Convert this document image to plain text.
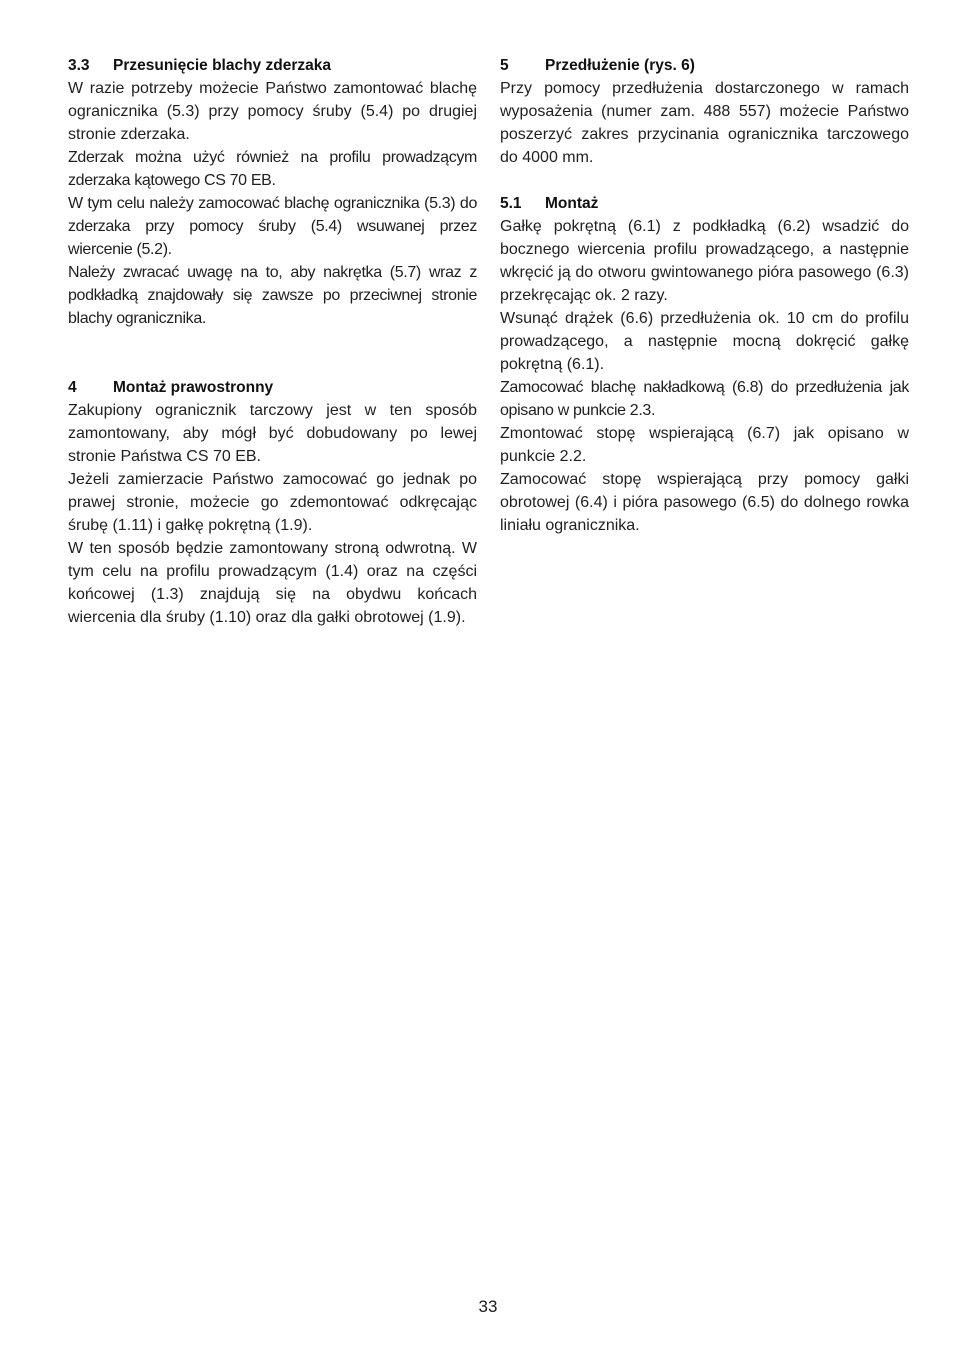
3.3	Przesunięcie blachy zderzaka

W razie potrzeby możecie Państwo zamontować blachę ogranicznika (5.3) przy pomocy śruby (5.4) po drugiej stronie zderzaka.

Zderzak można użyć również na profilu prowadzącym zderzaka kątowego CS 70 EB.

W tym celu należy zamocować blachę ogranicznika (5.3) do zderzaka przy pomocy śruby (5.4) wsuwanej przez wiercenie (5.2).

Należy zwracać uwagę na to, aby nakrętka (5.7) wraz z podkładką znajdowały się zawsze po przeciwnej stronie blachy ogranicznika.

4	Montaż prawostronny

Zakupiony ogranicznik tarczowy jest w ten sposób zamontowany, aby mógł być dobudowany po lewej stronie Państwa CS 70 EB.

Jeżeli zamierzacie Państwo zamocować go jednak po prawej stronie, możecie go zdemontować odkręcając śrubę (1.11) i gałkę pokrętną (1.9).

W ten sposób będzie zamontowany stroną odwrotną. W tym celu na profilu prowadzącym (1.4) oraz na części końcowej (1.3) znajdują się na obydwu końcach wiercenia dla śruby (1.10) oraz dla gałki obrotowej (1.9).

5	Przedłużenie (rys. 6)

Przy pomocy przedłużenia dostarczonego w ramach wyposażenia (numer zam. 488 557) możecie Państwo poszerzyć zakres przycinania ogranicznika tarczowego do 4000 mm.

5.1	Montaż

Gałkę pokrętną (6.1) z podkładką (6.2) wsadzić do bocznego wiercenia profilu prowadzącego, a następnie wkręcić ją do otworu gwintowanego pióra pasowego (6.3) przekręcając ok. 2 razy.

Wsunąć drążek (6.6) przedłużenia ok. 10 cm do profilu prowadzącego, a następnie mocną dokręcić gałkę pokrętną (6.1).

Zamocować blachę nakładkową (6.8) do przedłużenia jak opisano w punkcie 2.3.

Zmontować stopę wspierającą (6.7) jak opisano w punkcie 2.2.

Zamocować stopę wspierającą przy pomocy gałki obrotowej (6.4) i pióra pasowego (6.5) do dolnego rowka liniału ogranicznika.

33
